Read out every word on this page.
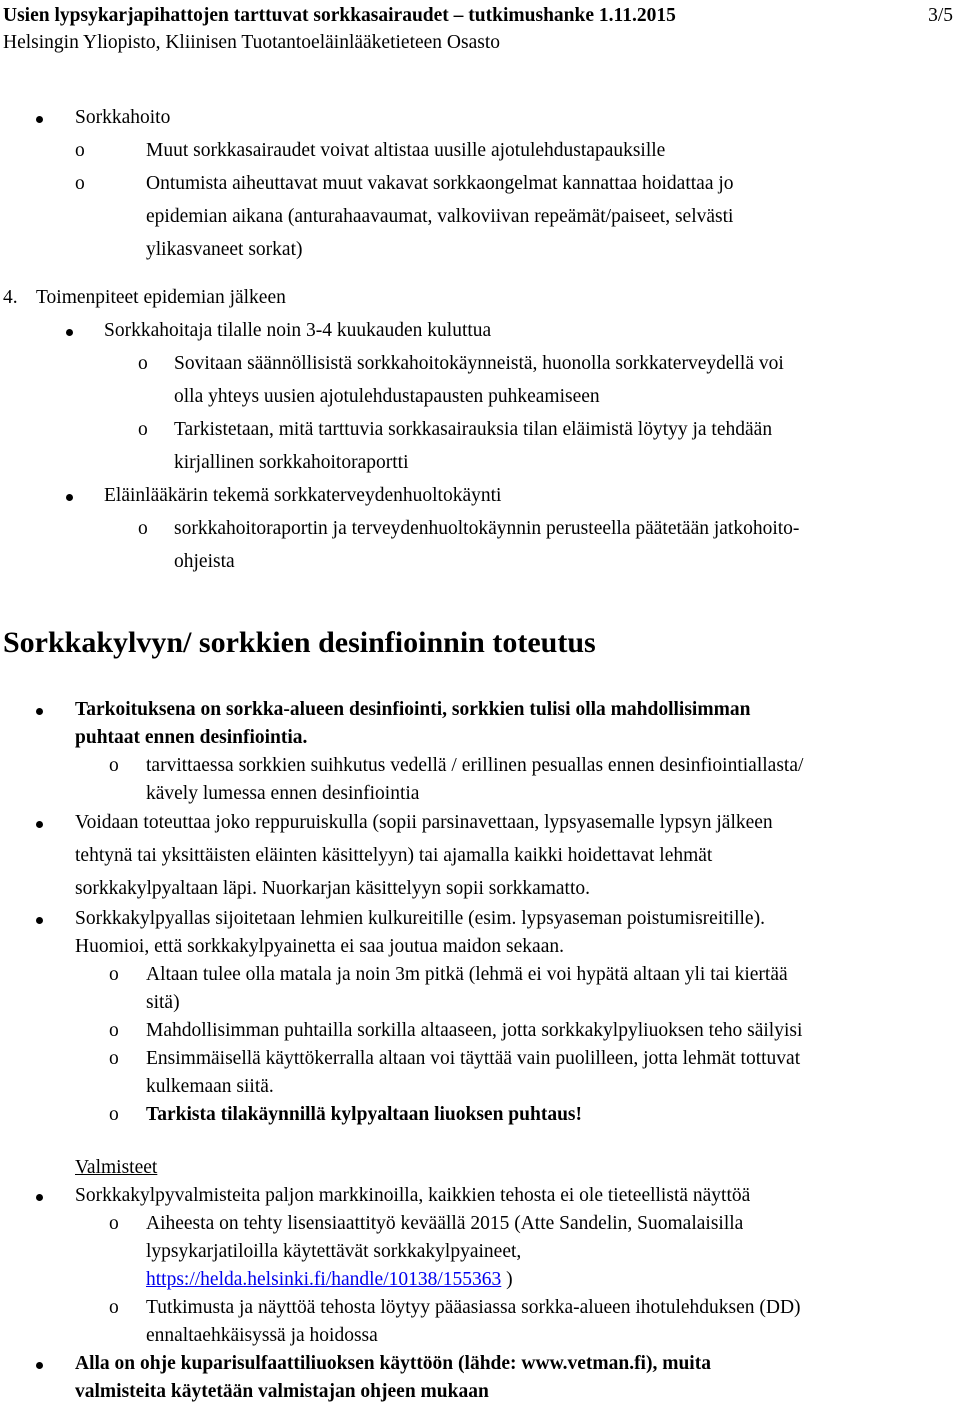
Usien lypsykarjapihattojen tarttuvat sorkkasairaudet – tutkimushanke 1.11.2015	3/5
Helsingin Yliopisto, Kliinisen Tuotantoeläinlääketieteen Osasto
Sorkkahoito
o	Muut sorkkasairaudet voivat altistaa uusille ajotulehdustapauksille
o	Ontumista aiheuttavat muut vakavat sorkkaongelmat kannattaa hoidattaa jo
epidemian aikana (anturahaavaumat, valkoviivan repeämät/paiseet, selvästi
ylikasvaneet sorkat)
4. Toimenpiteet epidemian jälkeen
Sorkkahoitaja tilalle noin 3-4 kuukauden kuluttua
o Sovitaan säännöllisistä sorkkahoitokäynneistä, huonolla sorkkaterveydellä voi
olla yhteys uusien ajotulehdustapausten puhkeamiseen
o Tarkistetaan, mitä tarttuvia sorkkasairauksia tilan eläimistä löytyy ja tehdään
kirjallinen sorkkahoitoraportti
Eläinlääkärin tekemä sorkkaterveydenhuoltokäynti
o sorkkahoitoraportin ja terveydenhuoltokäynnin perusteella päätetään jatkohoito-
ohjeista
Sorkkakylvyn/ sorkkien desinfioinnin toteutus
Tarkoituksena on sorkka-alueen desinfiointi, sorkkien tulisi olla mahdollisimman
puhtaat ennen desinfiointia.
o tarvittaessa sorkkien suihkutus vedellä / erillinen pesuallas ennen desinfiointiallasta/
kävely lumessa ennen desinfiointia
Voidaan toteuttaa joko reppuruiskulla (sopii parsinavettaan, lypsyasemalle lypsyn jälkeen
tehtynä tai yksittäisten eläinten käsittelyyn) tai ajamalla kaikki hoidettavat lehmät
sorkkakylpyaltaan läpi. Nuorkarjan käsittelyyn sopii sorkkamatto.
Sorkkakylpyallas sijoitetaan lehmien kulkureitille (esim. lypsyaseman poistumisreitille).
Huomioi, että sorkkakylpyainetta ei saa joutua maidon sekaan.
o Altaan tulee olla matala ja noin 3m pitkä (lehmä ei voi hypätä altaan yli tai kiertää
sitä)
o Mahdollisimman puhtailla sorkilla altaaseen, jotta sorkkakylpyliuoksen teho säilyisi
o Ensimmäisellä käyttökerralla altaan voi täyttää vain puolilleen, jotta lehmät tottuvat
kulkemaan siitä.
o Tarkista tilakäynnillä kylpyaltaan liuoksen puhtaus!
Valmisteet
Sorkkakylpyvalmisteita paljon markkinoilla, kaikkien tehosta ei ole tieteellistä näyttöä
o Aiheesta on tehty lisensiaattityö keväällä 2015 (Atte Sandelin, Suomalaisilla
lypsykarjatiloilla käytettävät sorkkakylpyaineet,
https://helda.helsinki.fi/handle/10138/155363 )
o Tutkimusta ja näyttöä tehosta löytyy pääasiassa sorkka-alueen ihotulehduksen (DD)
ennaltaehkäisyssä ja hoidossa
Alla on ohje kuparisulfaattiliuoksen käyttöön (lähde: www.vetman.fi), muita
valmisteita käytetään valmistajan ohjeen mukaan
